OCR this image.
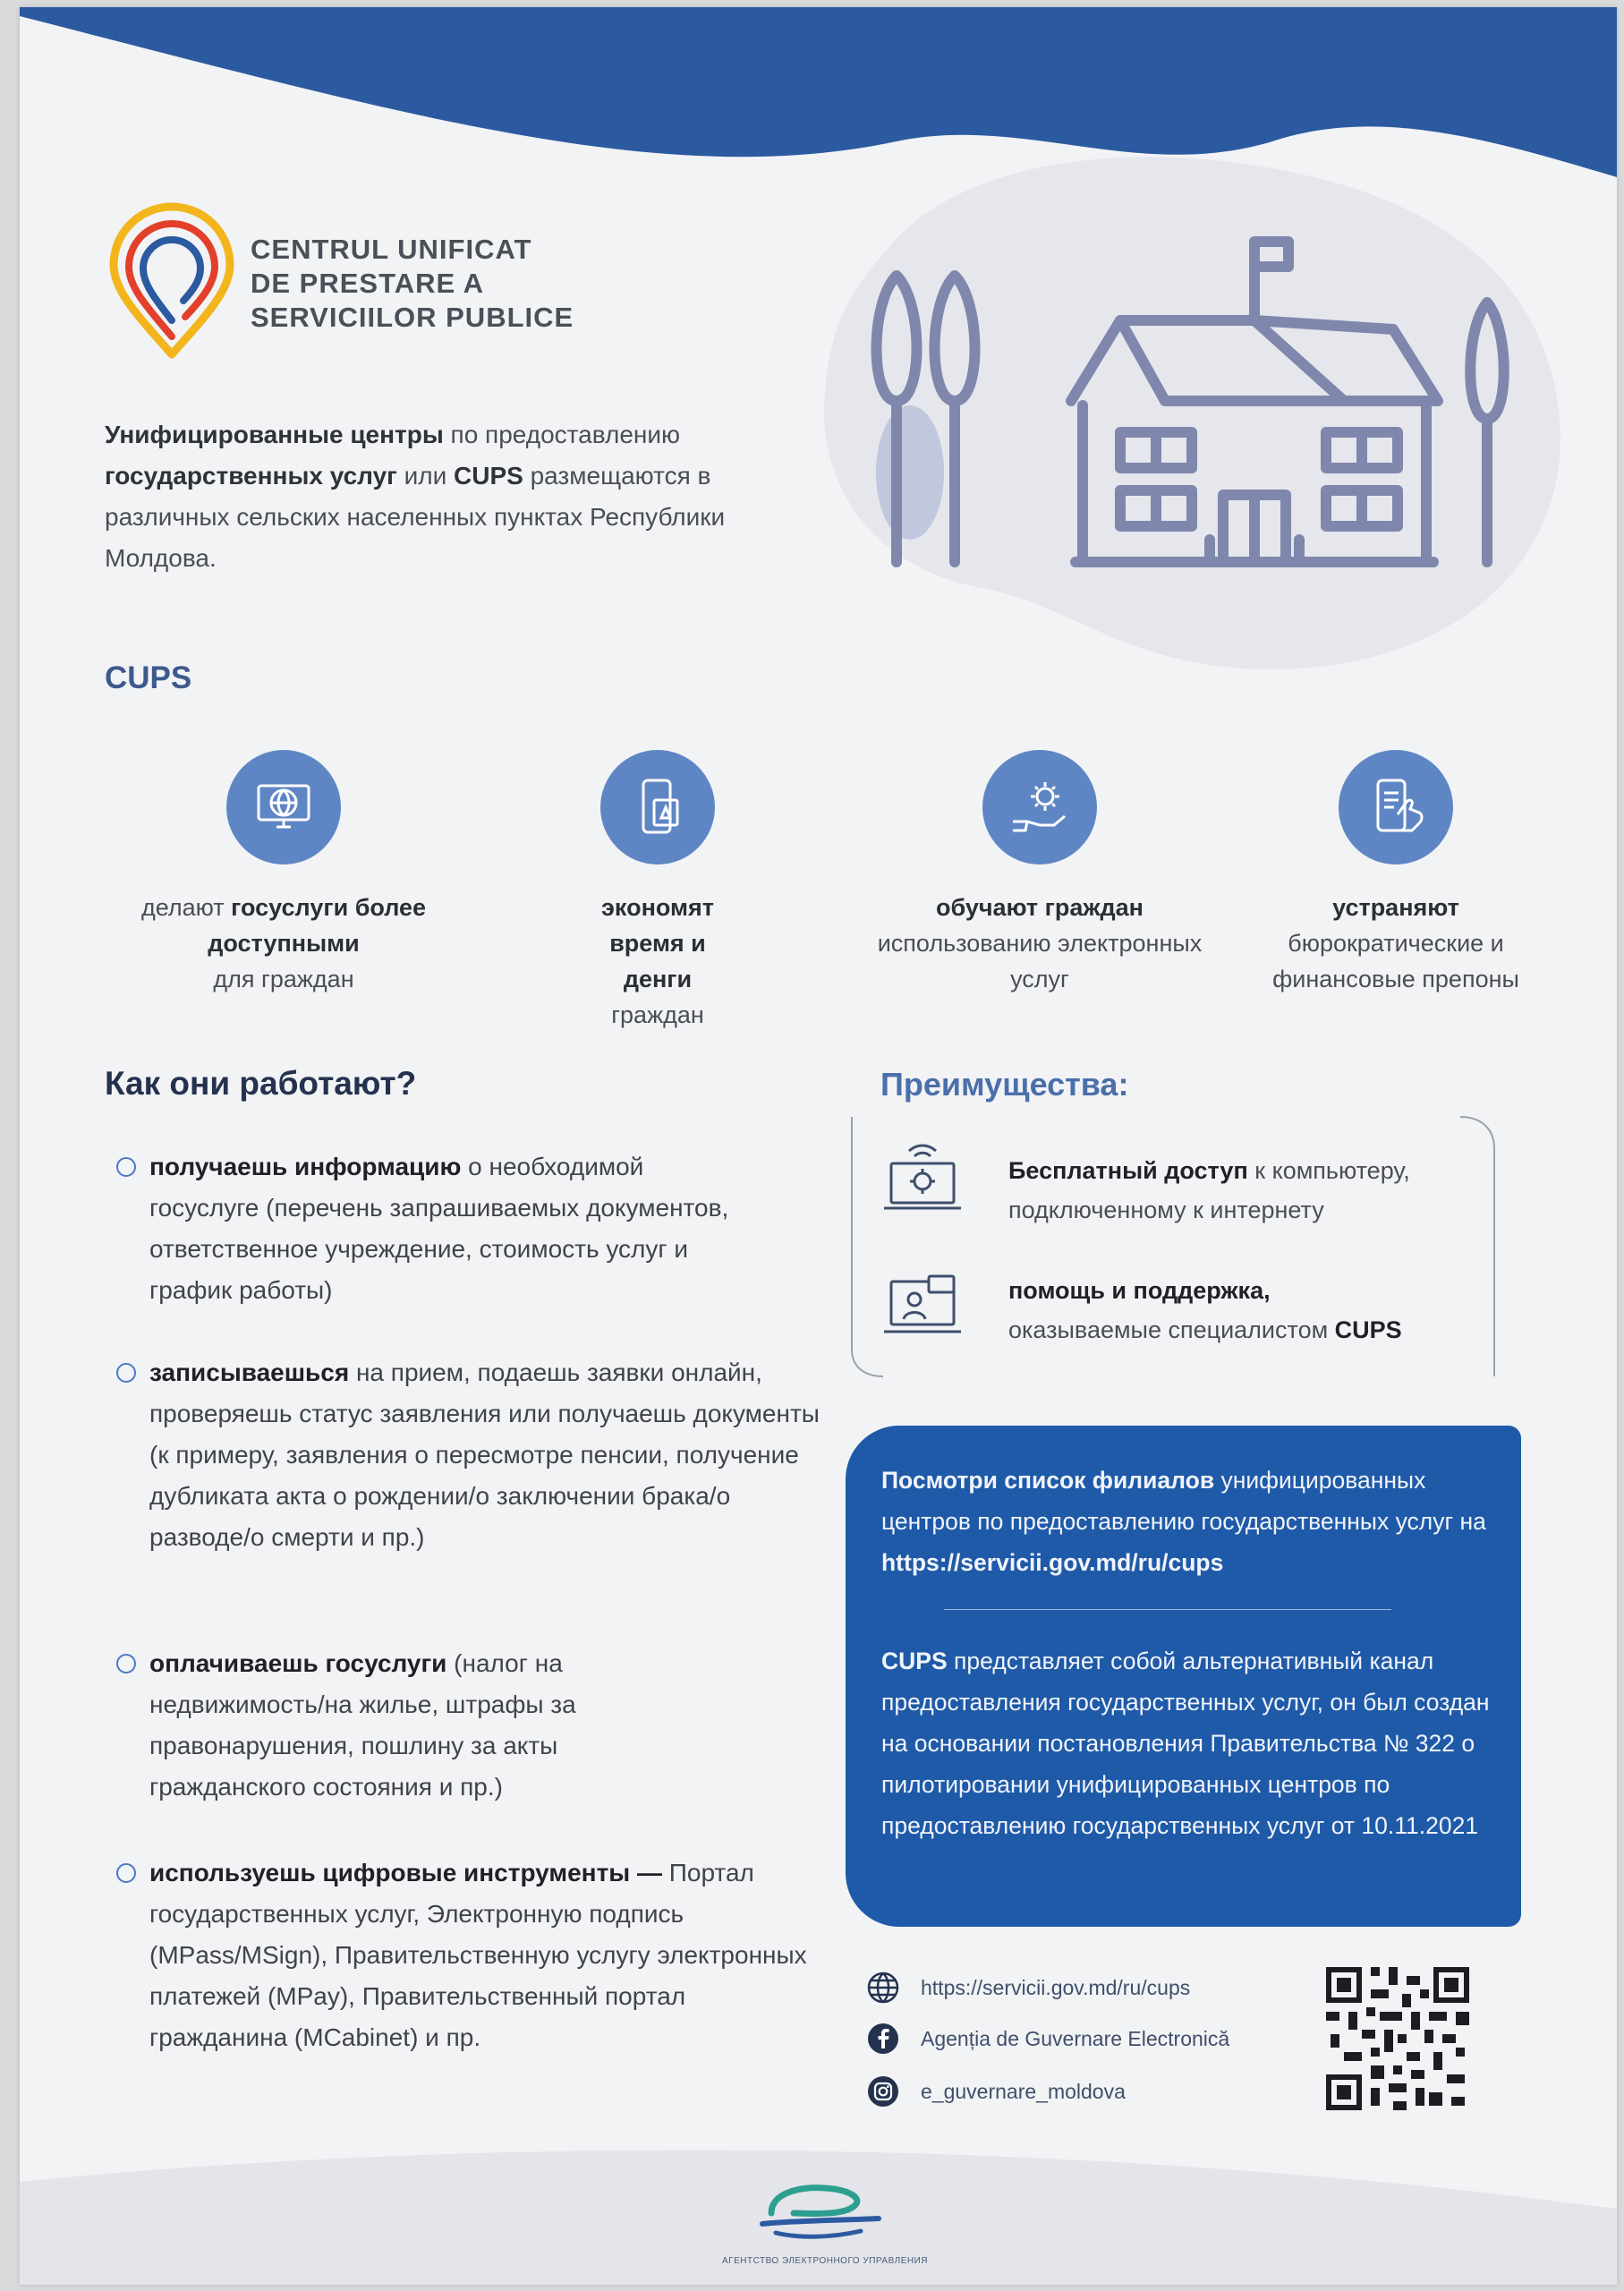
CENTRUL UNIFICAT
DE PRESTARE A
SERVICIILOR PUBLICE
Унифицированные центры по предоставлению государственных услуг или CUPS размещаются в различных сельских населенных пунктах Республики Молдова.
CUPS
делают госуслуги более доступными
для граждан
экономят время и денги
граждан
обучают граждан
использованию электронных услуг
устраняют
бюрократические и финансовые препоны
Как они работают?
получаешь информацию о необходимой госуслуге (перечень запрашиваемых документов, ответственное учреждение, стоимость услуг и график работы)
записываешься на прием, подаешь заявки онлайн, проверяешь статус заявления или получаешь документы (к примеру, заявления о пересмотре пенсии, получение дубликата акта о рождении/о заключении брака/о разводе/о смерти и пр.)
оплачиваешь госуслуги (налог на недвижимость/на жилье, штрафы за правонарушения, пошлину за акты гражданского состояния и пр.)
используешь цифровые инструменты — Портал государственных услуг, Электронную подпись (MPass/MSign), Правительственную услугу электронных платежей (MPay), Правительственный портал гражданина (MCabinet) и пр.
Преимущества:
Бесплатный доступ к компьютеру, подключенному к интернету
помощь и поддержка,
оказываемые специалистом CUPS
Посмотри список филиалов унифицированных центров по предоставлению государственных услуг на https://servicii.gov.md/ru/cups
CUPS представляет собой альтернативный канал предоставления государственных услуг, он был создан на основании постановления Правительства № 322 о пилотировании унифицированных центров по предоставлению государственных услуг от 10.11.2021
https://servicii.gov.md/ru/cups
Agenția de Guvernare Electronică
e_guvernare_moldova
АГЕНТСТВО ЭЛЕКТРОННОГО УПРАВЛЕНИЯ
